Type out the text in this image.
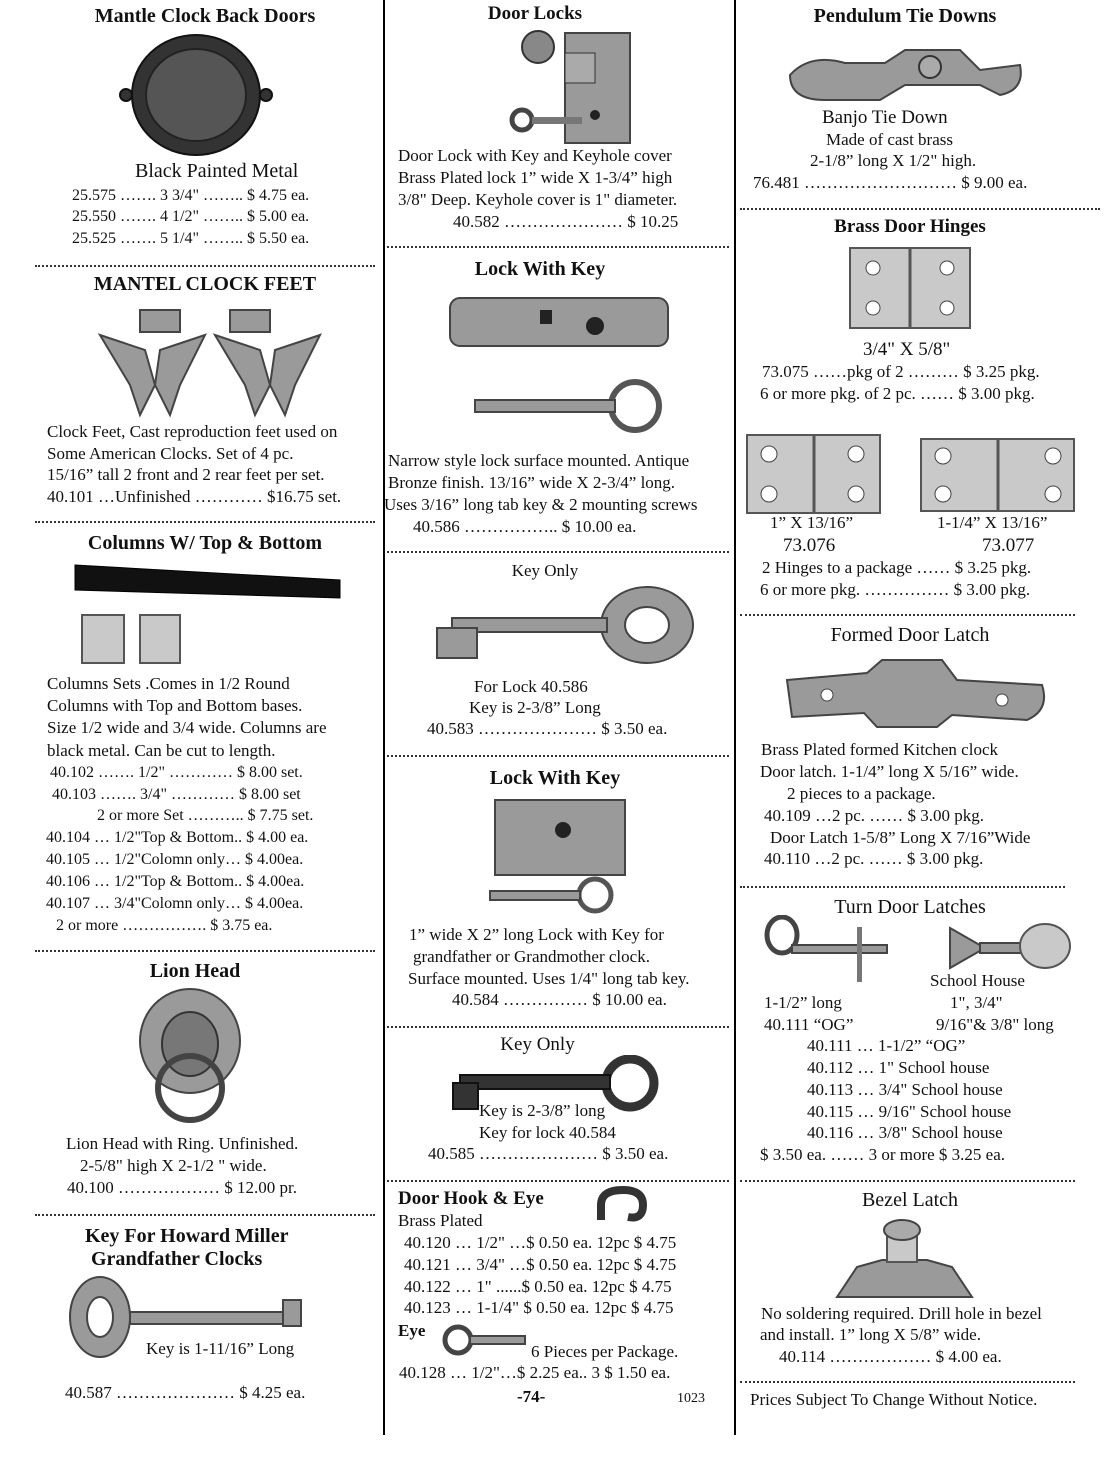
Mantle Clock Back Doors
Black Painted Metal
25.575 ……. 3 3/4" …….. $ 4.75 ea.
25.550 ……. 4 1/2" …….. $ 5.00 ea.
25.525 ……. 5 1/4" …….. $ 5.50 ea.
MANTEL CLOCK FEET
Clock Feet, Cast reproduction feet used on
Some American Clocks. Set of 4 pc.
15/16” tall 2 front and 2 rear feet per set.
40.101 …Unfinished ………… $16.75 set.
Columns W/ Top & Bottom
Columns Sets .Comes in 1/2 Round
Columns with Top and Bottom bases.
Size 1/2 wide and 3/4 wide. Columns are
black metal. Can be cut to length.
40.102 ……. 1/2" ………… $ 8.00 set.
40.103 ……. 3/4" ………… $ 8.00 set
2 or more Set ……….. $ 7.75 set.
40.104 … 1/2"Top & Bottom.. $ 4.00 ea.
40.105 … 1/2"Colomn only… $ 4.00ea.
40.106 … 1/2"Top & Bottom.. $ 4.00ea.
40.107 … 3/4"Colomn only… $ 4.00ea.
2 or more ……………. $ 3.75 ea.
Lion Head
Lion Head with Ring. Unfinished.
2-5/8" high X 2-1/2 " wide.
40.100 ……………… $ 12.00 pr.
Key For Howard Miller
Grandfather Clocks
Key is 1-11/16” Long
40.587 ………………… $ 4.25 ea.
Door Locks
Door Lock with Key and Keyhole cover
Brass Plated lock 1” wide X 1-3/4” high
3/8" Deep. Keyhole cover is 1" diameter.
40.582 ………………… $ 10.25
Lock With Key
Narrow style lock surface mounted. Antique
Bronze finish. 13/16” wide X 2-3/4” long.
Uses 3/16” long tab key & 2 mounting screws
40.586 …………….. $ 10.00 ea.
Key Only
For Lock 40.586
Key is 2-3/8” Long
40.583 ………………… $ 3.50 ea.
Lock With Key
1” wide X 2” long Lock with Key for
grandfather or Grandmother clock.
Surface mounted. Uses 1/4" long tab key.
40.584 …………… $ 10.00 ea.
Key Only
Key is 2-3/8” long
Key for lock 40.584
40.585 ………………… $ 3.50 ea.
Door Hook & Eye
Brass Plated
40.120 … 1/2" …$ 0.50 ea. 12pc $ 4.75
40.121 … 3/4" …$ 0.50 ea. 12pc $ 4.75
40.122 … 1" ......$ 0.50 ea. 12pc $ 4.75
40.123 … 1-1/4" $ 0.50 ea. 12pc $ 4.75
Eye
6 Pieces per Package.
40.128 … 1/2"…$ 2.25 ea.. 3 $ 1.50 ea.
-74-	1023
Pendulum Tie Downs
Banjo Tie Down
Made of cast brass
2-1/8” long X 1/2" high.
76.481 ……………………… $ 9.00 ea.
Brass Door Hinges
3/4" X 5/8"
73.075 ……pkg of 2 ……… $ 3.25 pkg.
6 or more pkg. of 2 pc. …… $ 3.00 pkg.
1” X 13/16”	1-1/4” X 13/16”
73.076	73.077
2 Hinges to a package …… $ 3.25 pkg.
6 or more pkg. …………… $ 3.00 pkg.
Formed Door Latch
Brass Plated formed Kitchen clock
Door latch. 1-1/4” long X 5/16” wide.
2 pieces to a package.
40.109 …2 pc. …… $ 3.00 pkg.
Door Latch 1-5/8” Long X 7/16”Wide
40.110 …2 pc. …… $ 3.00 pkg.
Turn Door Latches
School House
1-1/2” long	1", 3/4"
40.111 “OG”	9/16"& 3/8" long
40.111 … 1-1/2” “OG”
40.112 … 1" School house
40.113 … 3/4" School house
40.115 … 9/16" School house
40.116 … 3/8" School house
$ 3.50 ea. …… 3 or more $ 3.25 ea.
Bezel Latch
No soldering required. Drill hole in bezel
and install. 1” long X 5/8” wide.
40.114 ……………… $ 4.00 ea.
Prices Subject To Change Without Notice.
